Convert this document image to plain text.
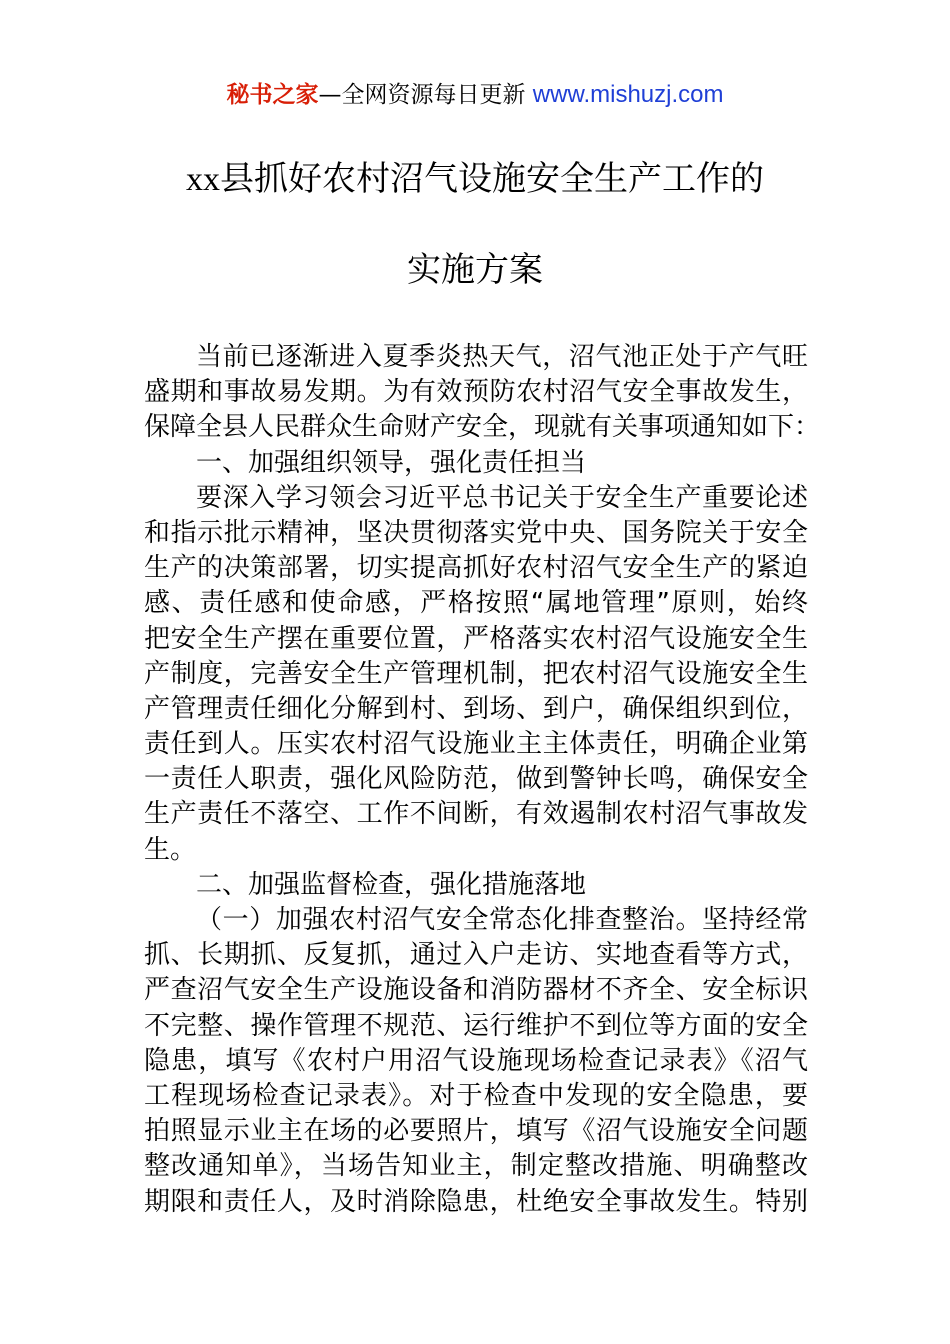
秘书之家—全网资源每日更新 www.mishuzj.com
xx县抓好农村沼气设施安全生产工作的
实施方案
当前已逐渐进入夏季炎热天气，沼气池正处于产气旺
盛期和事故易发期。为有效预防农村沼气安全事故发生，
保障全县人民群众生命财产安全，现就有关事项通知如下：
一、加强组织领导，强化责任担当
要深入学习领会习近平总书记关于安全生产重要论述
和指示批示精神，坚决贯彻落实党中央、国务院关于安全
生产的决策部署，切实提高抓好农村沼气安全生产的紧迫
感、责任感和使命感，严格按照“属地管理”原则，始终
把安全生产摆在重要位置，严格落实农村沼气设施安全生
产制度，完善安全生产管理机制，把农村沼气设施安全生
产管理责任细化分解到村、到场、到户，确保组织到位，
责任到人。压实农村沼气设施业主主体责任，明确企业第
一责任人职责，强化风险防范，做到警钟长鸣，确保安全
生产责任不落空、工作不间断，有效遏制农村沼气事故发
生。
二、加强监督检查，强化措施落地
（一）加强农村沼气安全常态化排查整治。坚持经常
抓、长期抓、反复抓，通过入户走访、实地查看等方式，
严查沼气安全生产设施设备和消防器材不齐全、安全标识
不完整、操作管理不规范、运行维护不到位等方面的安全
隐患，填写《农村户用沼气设施现场检查记录表》《沼气
工程现场检查记录表》。对于检查中发现的安全隐患，要
拍照显示业主在场的必要照片，填写《沼气设施安全问题
整改通知单》，当场告知业主，制定整改措施、明确整改
期限和责任人，及时消除隐患，杜绝安全事故发生。特别
